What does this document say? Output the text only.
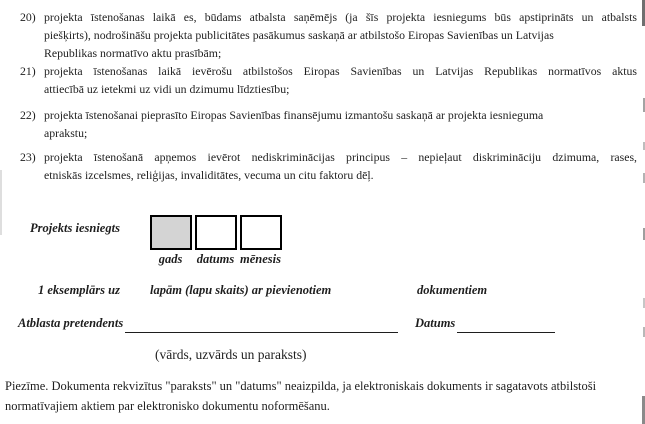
20) projekta īstenošanas laikā es, būdams atbalsta saņēmējs (ja šīs projekta iesniegums būs apstiprināts un atbalsts
piešķirts), nodrošināšu projekta publicitātes pasākumus saskaņā ar atbilstošo Eiropas Savienības un Latvijas
Republikas normatīvo aktu prasībām;
21) projekta īstenošanas laikā ievērošu atbilstošos Eiropas Savienības un Latvijas Republikas normatīvos aktus
attiecībā uz ietekmi uz vidi un dzimumu līdztiesību;
22) projekta īstenošanai pieprasīto Eiropas Savienības finansējumu izmantošu saskaņā ar projekta iesnieguma
aprakstu;
23) projekta īstenošanā apņemos ievērot nediskriminācijas principus – nepieļaut diskrimināciju dzimuma, rases,
etniskās izcelsmes, reliģijas, invaliditātes, vecuma un citu faktoru dēļ.
Projekts iesniegts
gads	datums mēnesis
1 eksemplārs uz lapām (lapu skaits) ar pievienotiem	dokumentiem
Atblasta pretendents	Datums
(vārds, uzvārds un paraksts)
Piezīme. Dokumenta rekvizītus "paraksts" un "datums" neaizpilda, ja elektroniskais dokuments ir sagatavots atbilstoši
normatīvajiem aktiem par elektronisko dokumentu noformēšanu.
